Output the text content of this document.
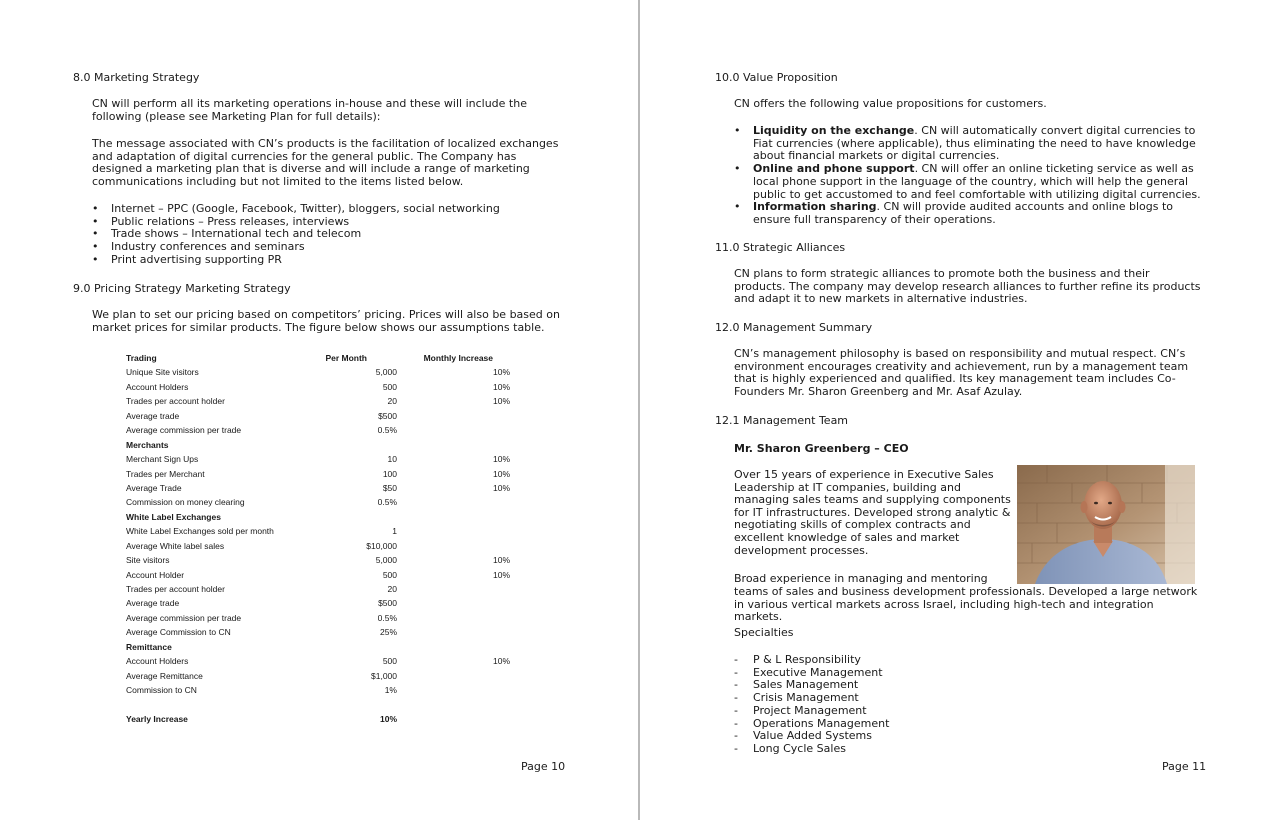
8.0 Marketing Strategy
CN will perform all its marketing operations in-house and these will include the following (please see Marketing Plan for full details):
The message associated with CN’s products is the facilitation of localized exchanges and adaptation of digital currencies for the general public. The Company has designed a marketing plan that is diverse and will include a range of marketing communications including but not limited to the items listed below.
• Internet – PPC (Google, Facebook, Twitter), bloggers, social networking
• Public relations – Press releases, interviews
• Trade shows – International tech and telecom
• Industry conferences and seminars
• Print advertising supporting PR
9.0 Pricing Strategy Marketing Strategy
We plan to set our pricing based on competitors’ pricing. Prices will also be based on market prices for similar products. The figure below shows our assumptions table.
Trading	Per Month	Monthly Increase
Unique Site visitors	5,000	10%
Account Holders	500	10%
Trades per account holder	20	10%
Average trade	$500
Average commission per trade	0.5%
Merchants
Merchant Sign Ups	10	10%
Trades per Merchant	100	10%
Average Trade	$50	10%
Commission on money clearing	0.5%
White Label Exchanges
White Label Exchanges sold per month	1
Average White label sales	$10,000
Site visitors	5,000	10%
Account Holder	500	10%
Trades per account holder	20
Average trade	$500
Average commission per trade	0.5%
Average Commission to CN	25%
Remittance
Account Holders	500	10%
Average Remittance	$1,000
Commission to CN	1%
Yearly Increase	10%
Page 10
10.0 Value Proposition
CN offers the following value propositions for customers.
• Liquidity on the exchange. CN will automatically convert digital currencies to Fiat currencies (where applicable), thus eliminating the need to have knowledge about financial markets or digital currencies.
• Online and phone support. CN will offer an online ticketing service as well as local phone support in the language of the country, which will help the general public to get accustomed to and feel comfortable with utilizing digital currencies.
• Information sharing. CN will provide audited accounts and online blogs to ensure full transparency of their operations.
11.0 Strategic Alliances
CN plans to form strategic alliances to promote both the business and their products. The company may develop research alliances to further refine its products and adapt it to new markets in alternative industries.
12.0 Management Summary
CN’s management philosophy is based on responsibility and mutual respect. CN’s environment encourages creativity and achievement, run by a management team that is highly experienced and qualified. Its key management team includes Co-Founders Mr. Sharon Greenberg and Mr. Asaf Azulay.
12.1 Management Team
Mr. Sharon Greenberg – CEO
Over 15 years of experience in Executive Sales Leadership at IT companies, building and managing sales teams and supplying components for IT infrastructures. Developed strong analytic & negotiating skills of complex contracts and excellent knowledge of sales and market development processes.
Broad experience in managing and mentoring
teams of sales and business development professionals. Developed a large network in various vertical markets across Israel, including high-tech and integration markets.
Specialties
- P & L Responsibility
- Executive Management
- Sales Management
- Crisis Management
- Project Management
- Operations Management
- Value Added Systems
- Long Cycle Sales
Page 11
